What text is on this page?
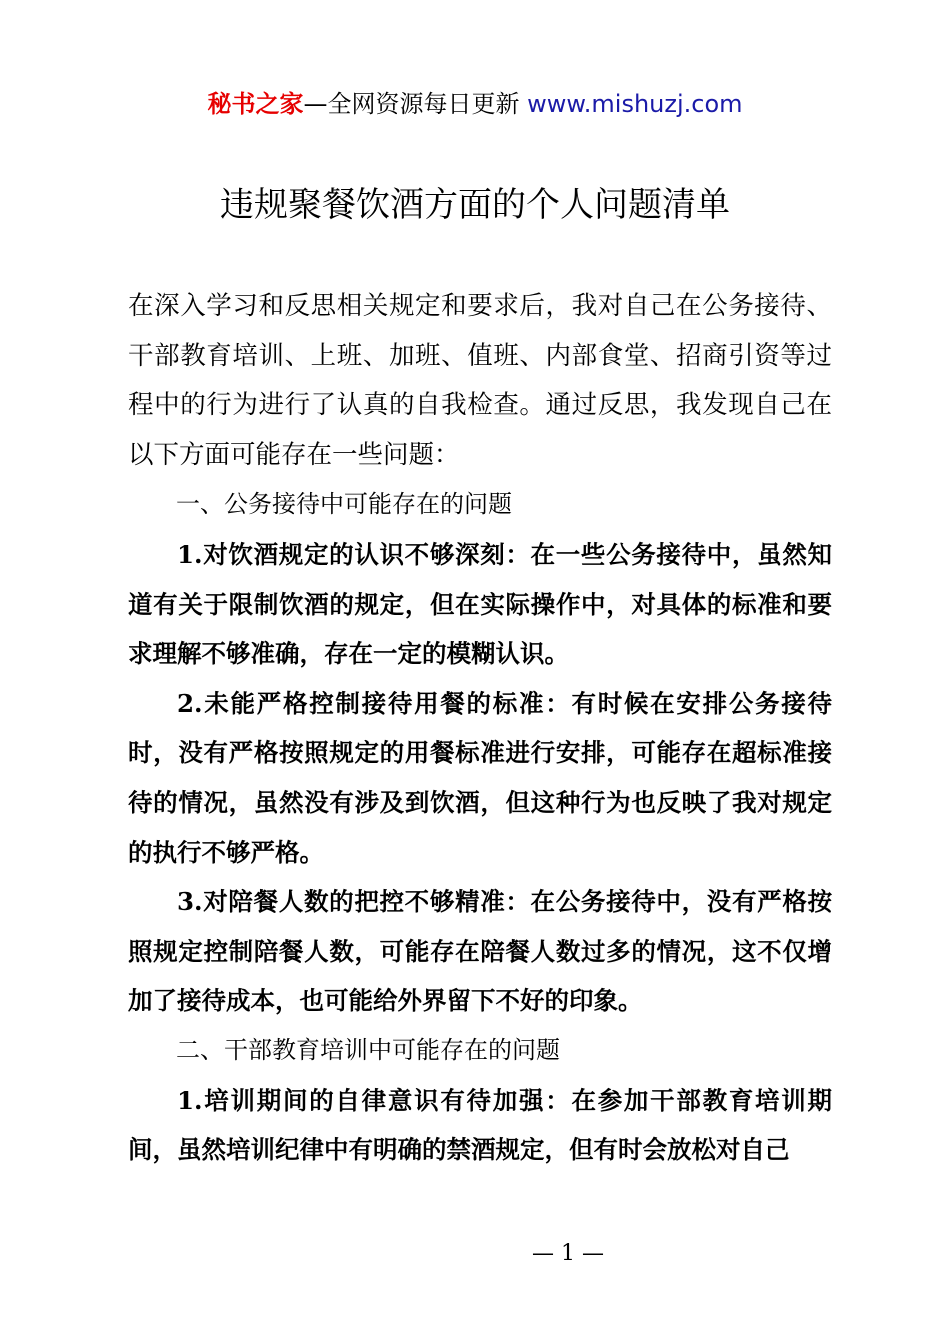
秘书之家—全网资源每日更新 www.mishuzj.com
违规聚餐饮酒方面的个人问题清单

在深入学习和反思相关规定和要求后，我对自己在公务接待、干部教育培训、上班、加班、值班、内部食堂、招商引资等过程中的行为进行了认真的自我检查。通过反思，我发现自己在以下方面可能存在一些问题：

一、公务接待中可能存在的问题

1.对饮酒规定的认识不够深刻：在一些公务接待中，虽然知道有关于限制饮酒的规定，但在实际操作中，对具体的标准和要求理解不够准确，存在一定的模糊认识。

2.未能严格控制接待用餐的标准：有时候在安排公务接待时，没有严格按照规定的用餐标准进行安排，可能存在超标准接待的情况，虽然没有涉及到饮酒，但这种行为也反映了我对规定的执行不够严格。

3.对陪餐人数的把控不够精准：在公务接待中，没有严格按照规定控制陪餐人数，可能存在陪餐人数过多的情况，这不仅增加了接待成本，也可能给外界留下不好的印象。

二、干部教育培训中可能存在的问题

1.培训期间的自律意识有待加强：在参加干部教育培训期间，虽然培训纪律中有明确的禁酒规定，但有时会放松对自己

— 1 —
